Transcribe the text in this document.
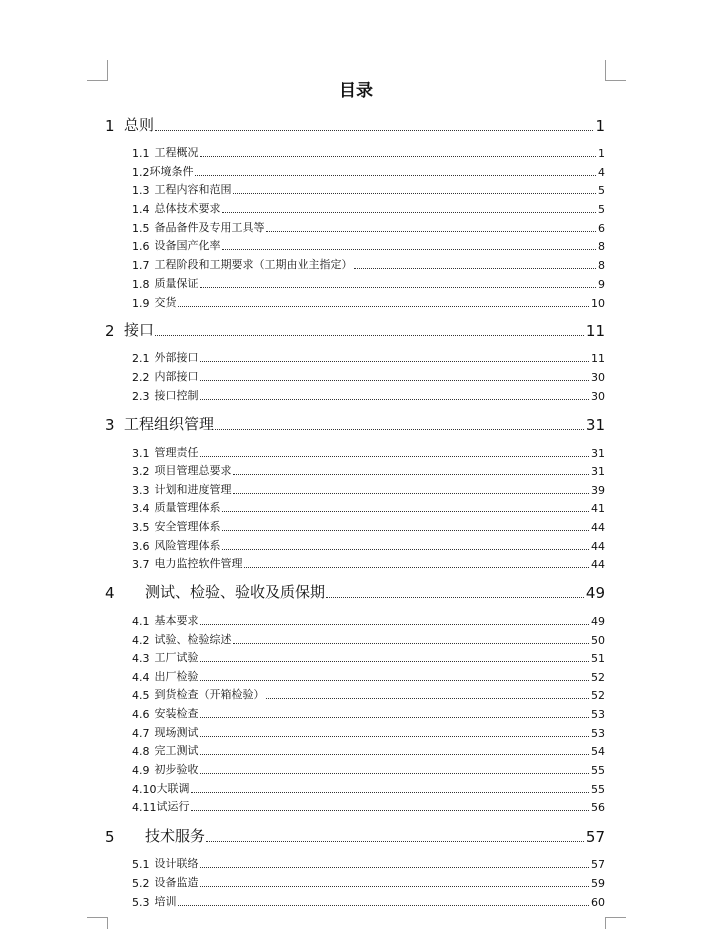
目录
1 总则	1
1.1 工程概况	1
1.2 环境条件	4
1.3 工程内容和范围	5
1.4 总体技术要求	5
1.5 备品备件及专用工具等	6
1.6 设备国产化率	8
1.7 工程阶段和工期要求（工期由业主指定）	8
1.8 质量保证	9
1.9 交货	10
2 接口	11
2.1 外部接口	11
2.2 内部接口	30
2.3 接口控制	30
3 工程组织管理	31
3.1 管理责任	31
3.2 项目管理总要求	31
3.3 计划和进度管理	39
3.4 质量管理体系	41
3.5 安全管理体系	44
3.6 风险管理体系	44
3.7 电力监控软件管理	44
4	测试、检验、验收及质保期	49
4.1 基本要求	49
4.2 试验、检验综述	50
4.3 工厂试验	51
4.4 出厂检验	52
4.5 到货检查（开箱检验）	52
4.6 安装检查	53
4.7 现场测试	53
4.8 完工测试	54
4.9 初步验收	55
4.10 大联调	55
4.11 试运行	56
5	技术服务	57
5.1 设计联络	57
5.2 设备监造	59
5.3 培训	60
